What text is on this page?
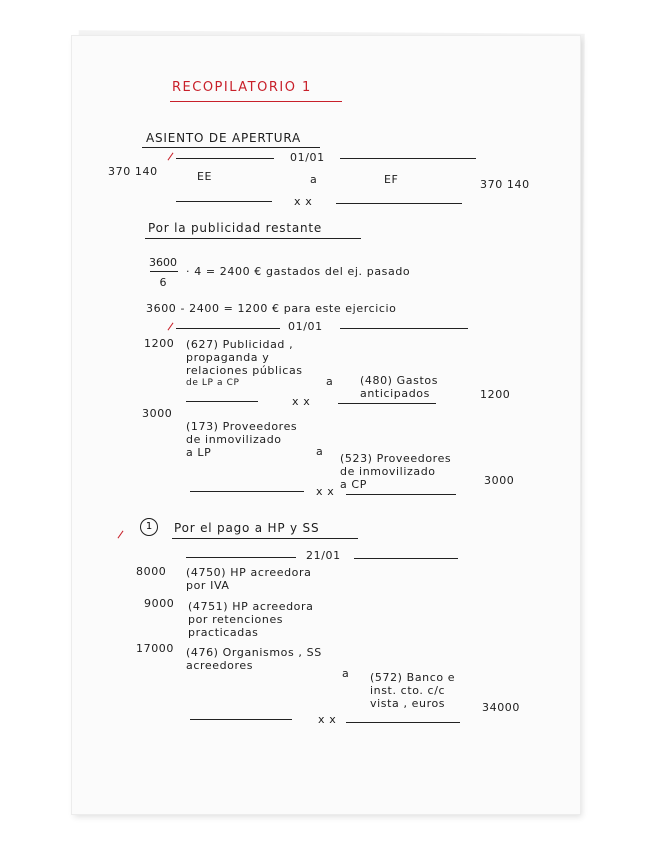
RECOPILATORIO 1
ASIENTO DE APERTURA
01/01
370 140	EE	a	EF	370 140
x x
Por la publicidad restante
3600
6
· 4 = 2400 € gastados del ej. pasado
3600 - 2400 = 1200 € para este ejercicio
01/01
1200 (627) Publicidad ,
propaganda y
relaciones públicas
de LP a CP	a (480) Gastos
anticipados	1200
x x
3000
(173) Proveedores
de inmovilizado
a LP	a
(523) Proveedores
de inmovilizado
a CP	3000
x x
1	Por el pago a HP y SS
21/01
8000 (4750) HP acreedora
por IVA
9000 (4751) HP acreedora
por retenciones
practicadas
17000 (476) Organismos , SS
acreedores
a (572) Banco e
inst. cto. c/c
vista , euros	34000
x x
